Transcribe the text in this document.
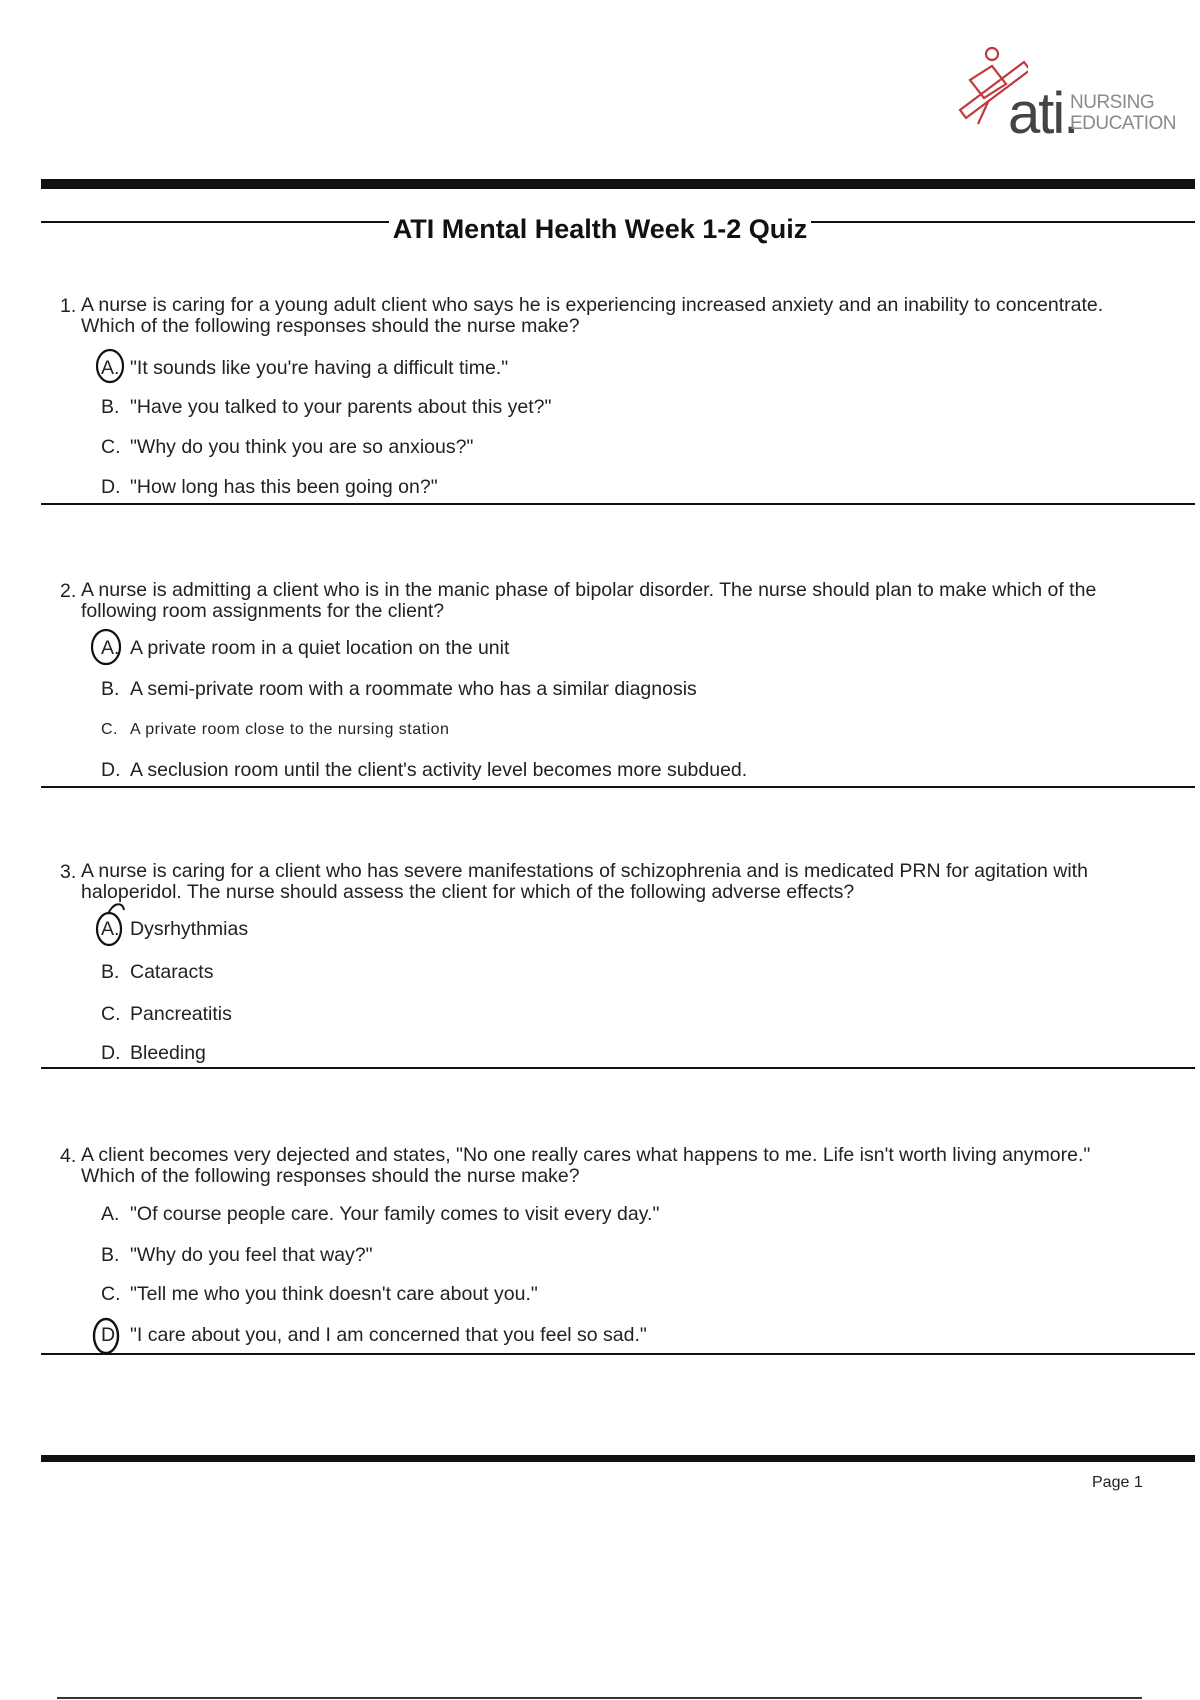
ati.
NURSING
EDUCATION
ATI Mental Health Week 1-2 Quiz
1. A nurse is caring for a young adult client who says he is experiencing increased anxiety and an inability to concentrate. Which of the following responses should the nurse make?
A. "It sounds like you're having a difficult time."
B. "Have you talked to your parents about this yet?"
C. "Why do you think you are so anxious?"
D. "How long has this been going on?"
2. A nurse is admitting a client who is in the manic phase of bipolar disorder. The nurse should plan to make which of the following room assignments for the client?
A. A private room in a quiet location on the unit
B. A semi-private room with a roommate who has a similar diagnosis
C. A private room close to the nursing station
D. A seclusion room until the client's activity level becomes more subdued.
3. A nurse is caring for a client who has severe manifestations of schizophrenia and is medicated PRN for agitation with haloperidol. The nurse should assess the client for which of the following adverse effects?
A. Dysrhythmias
B. Cataracts
C. Pancreatitis
D. Bleeding
4. A client becomes very dejected and states, "No one really cares what happens to me. Life isn't worth living anymore." Which of the following responses should the nurse make?
A. "Of course people care. Your family comes to visit every day."
B. "Why do you feel that way?"
C. "Tell me who you think doesn't care about you."
D. "I care about you, and I am concerned that you feel so sad."
Page 1
